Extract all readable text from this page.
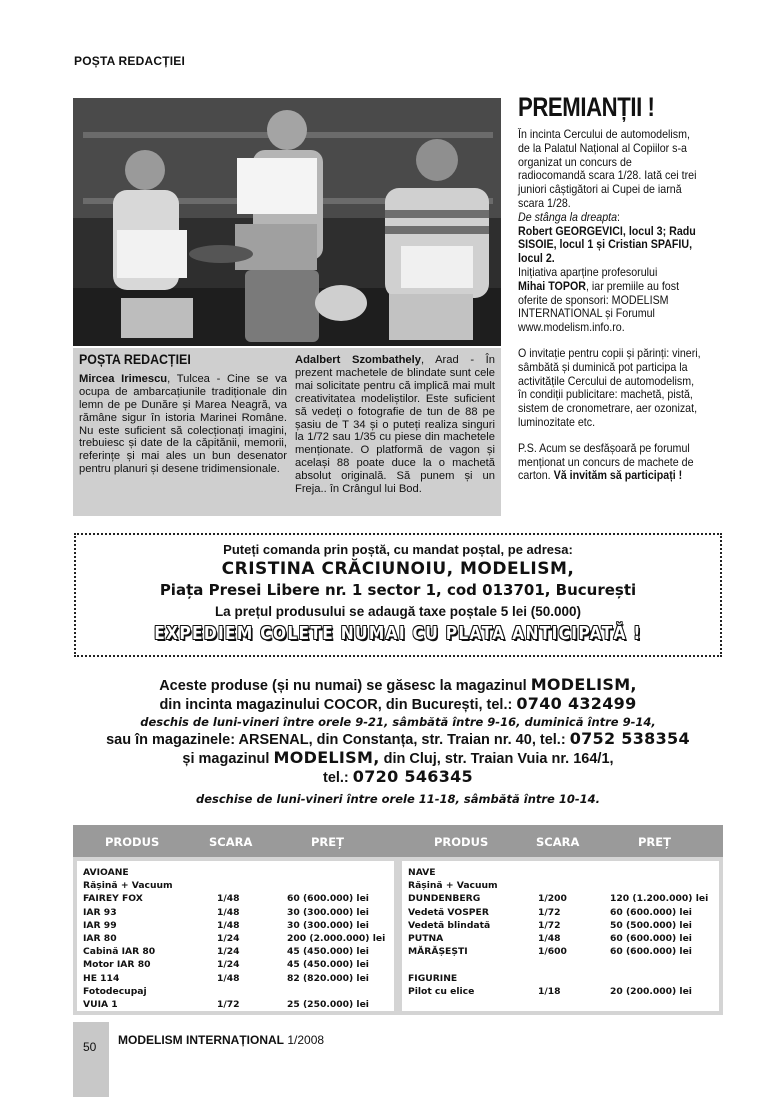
POȘTA REDACȚIEI
PREMIANȚII !

În incinta Cercului de automodelism, de la Palatul Național al Copiilor s-a organizat un concurs de radiocomandă scara 1/28. Iată cei trei juniori câștigători ai Cupei de iarnă scara 1/28.
De stânga la dreapta:
Robert GEORGEVICI, locul 3; Radu SISOIE, locul 1 și Cristian SPAFIU, locul 2.
Inițiativa aparține profesorului
Mihai TOPOR, iar premiile au fost oferite de sponsori: MODELISM INTERNATIONAL și Forumul www.modelism.info.ro.

O invitație pentru copii și părinți: vineri, sâmbătă și duminică pot participa la activitățile Cercului de automodelism, în condiții publicitare: machetă, pistă, sistem de cronometrare, aer ozonizat, luminozitate etc.

P.S. Acum se desfășoară pe forumul menționat un concurs de machete de carton. Vă invităm să participați !

POȘTA REDACȚIEI
Mircea Irimescu, Tulcea - Cine se va ocupa de ambarcațiunile tradiționale din lemn de pe Dunăre și Marea Neagră, va rămâne sigur în istoria Marinei Române. Nu este suficient să colecționați imagini, trebuiesc și date de la căpitănii, memorii, referințe și mai ales un bun desenator pentru planuri și desene tridimensionale.
Adalbert Szombathely, Arad - În prezent machetele de blindate sunt cele mai solicitate pentru că implică mai mult creativitatea modeliștilor. Este suficient să vedeți o fotografie de tun de 88 pe șasiu de T 34 și o puteți realiza singuri la 1/72 sau 1/35 cu piese din machetele menționate. O platformă de vagon și același 88 poate duce la o machetă absolut originală. Să punem și un Freja.. în Crângul lui Bod.
Puteți comanda prin poștă, cu mandat poștal, pe adresa:
CRISTINA CRĂCIUNOIU, MODELISM,
Piața Presei Libere nr. 1 sector 1, cod 013701, București
La prețul produsului se adaugă taxe poștale 5 lei (50.000)
EXPEDIEM COLETE NUMAI CU PLATA ANTICIPATĂ !
Aceste produse (și nu numai) se găsesc la magazinul MODELISM,
din incinta magazinului COCOR, din București, tel.: 0740 432499
deschis de luni-vineri între orele 9-21, sâmbătă între 9-16, duminică între 9-14,
sau în magazinele: ARSENAL, din Constanța, str. Traian nr. 40, tel.: 0752 538354
și magazinul MODELISM, din Cluj, str. Traian Vuia nr. 164/1,
tel.: 0720 546345
deschise de luni-vineri între orele 11-18, sâmbătă între 10-14.
PRODUS	SCARA	PREȚ
AVIOANE
Rășină + Vacuum
FAIREY FOX	1/48	60 (600.000) lei
IAR 93	1/48	30 (300.000) lei
IAR 99	1/48	30 (300.000) lei
IAR 80	1/24	200 (2.000.000) lei
Cabină IAR 80	1/24	45 (450.000) lei
Motor IAR 80	1/24	45 (450.000) lei
HE 114	1/48	82 (820.000) lei
Fotodecupaj
VUIA 1	1/72	25 (250.000) lei
PRODUS	SCARA	PREȚ
NAVE
Rășină + Vacuum
DUNDENBERG	1/200	120 (1.200.000) lei
Vedetă VOSPER	1/72	60 (600.000) lei
Vedetă blindată	1/72	50 (500.000) lei
PUTNA	1/48	60 (600.000) lei
MĂRĂȘEȘTI	1/600	60 (600.000) lei
FIGURINE
Pilot cu elice	1/18	20 (200.000) lei
50 MODELISM INTERNAȚIONAL 1/2008
